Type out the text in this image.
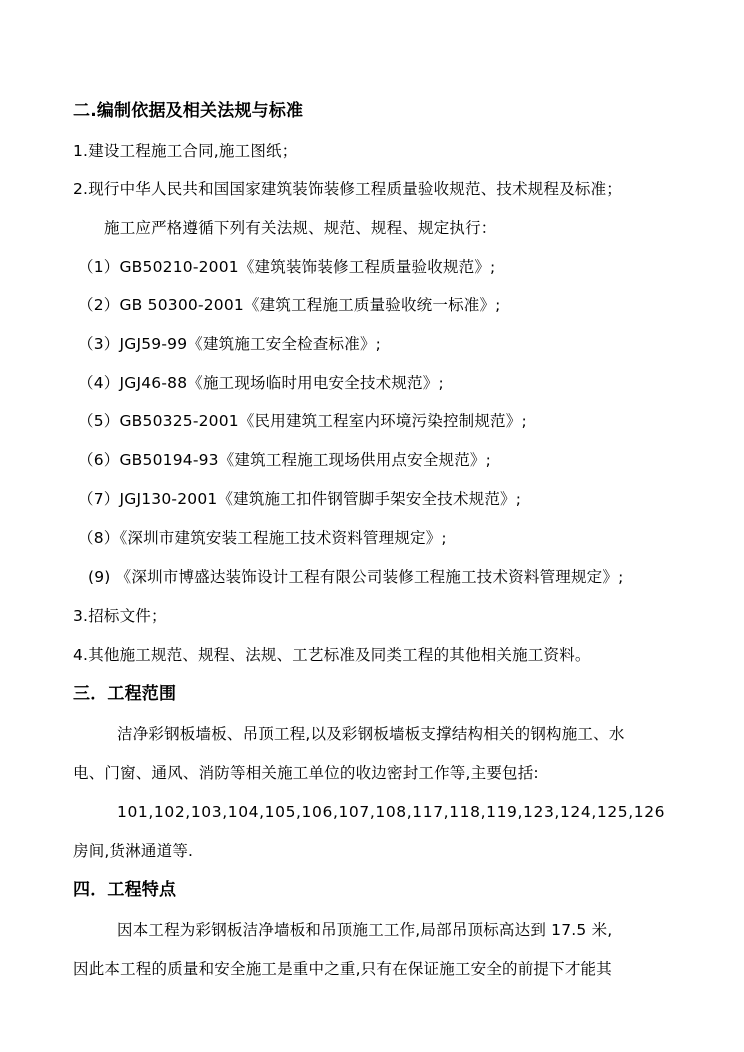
二.编制依据及相关法规与标准
1.建设工程施工合同,施工图纸；
2.现行中华人民共和国国家建筑装饰装修工程质量验收规范、技术规程及标准；
施工应严格遵循下列有关法规、规范、规程、规定执行：
（1）GB50210-2001《建筑装饰装修工程质量验收规范》;
（2）GB 50300-2001《建筑工程施工质量验收统一标准》;
（3）JGJ59-99《建筑施工安全检查标准》;
（4）JGJ46-88《施工现场临时用电安全技术规范》;
（5）GB50325-2001《民用建筑工程室内环境污染控制规范》;
（6）GB50194-93《建筑工程施工现场供用点安全规范》;
（7）JGJ130-2001《建筑施工扣件钢管脚手架安全技术规范》;
（8）《深圳市建筑安装工程施工技术资料管理规定》;
(9) 《深圳市博盛达装饰设计工程有限公司装修工程施工技术资料管理规定》;
3.招标文件；
4.其他施工规范、规程、法规、工艺标准及同类工程的其他相关施工资料。
三．工程范围
洁净彩钢板墙板、吊顶工程,以及彩钢板墙板支撑结构相关的钢构施工、水
电、门窗、通风、消防等相关施工单位的收边密封工作等,主要包括:
101,102,103,104,105,106,107,108,117,118,119,123,124,125,126
房间,货淋通道等.
四．工程特点
因本工程为彩钢板洁净墙板和吊顶施工工作,局部吊顶标高达到 17.5 米,
因此本工程的质量和安全施工是重中之重,只有在保证施工安全的前提下才能其
